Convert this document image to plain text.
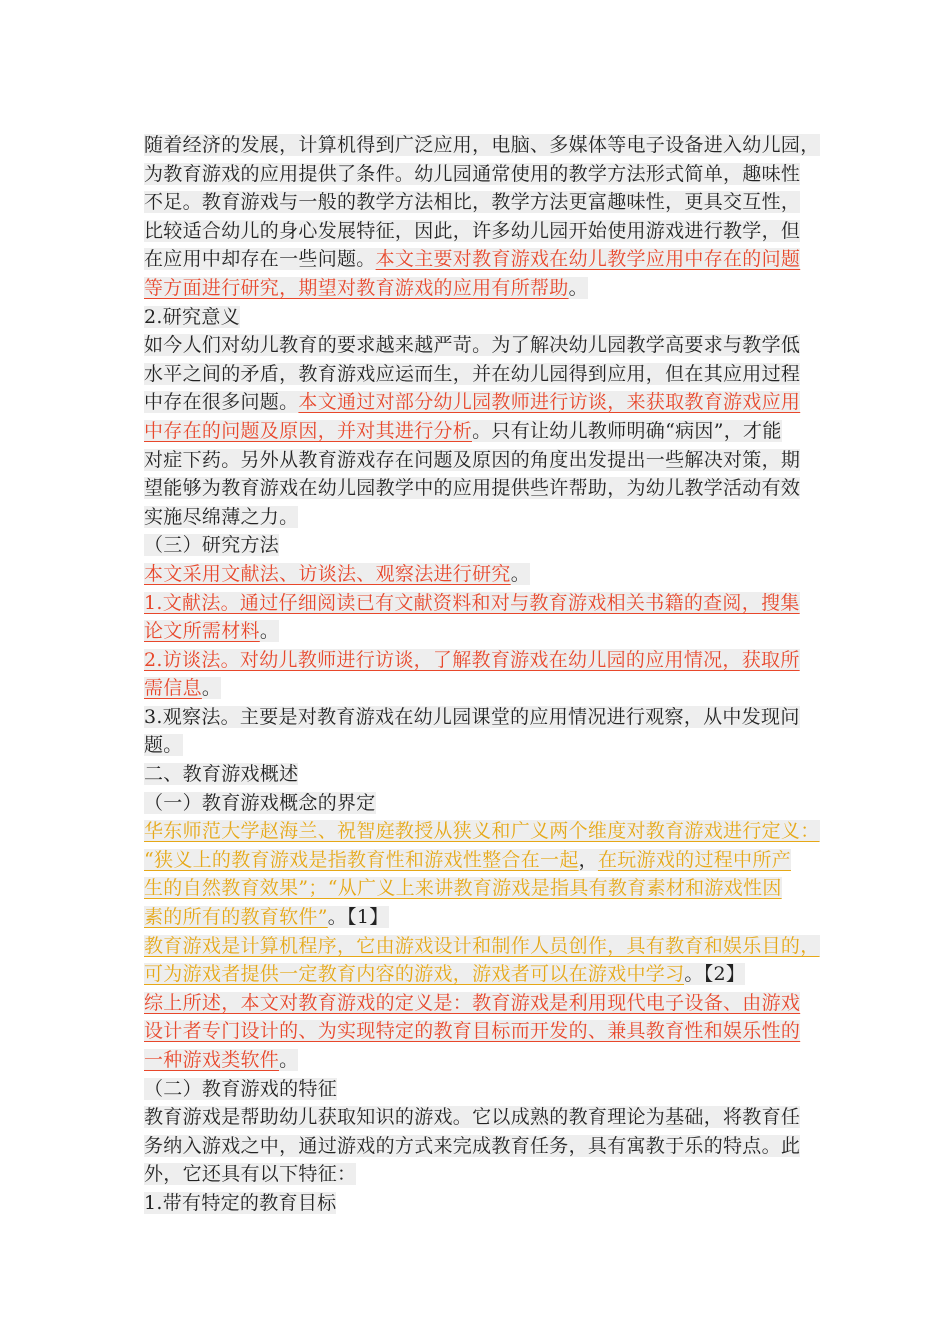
随着经济的发展，计算机得到广泛应用，电脑、多媒体等电子设备进入幼儿园，
为教育游戏的应用提供了条件。幼儿园通常使用的教学方法形式简单，趣味性
不足。教育游戏与一般的教学方法相比，教学方法更富趣味性，更具交互性，
比较适合幼儿的身心发展特征，因此，许多幼儿园开始使用游戏进行教学，但
在应用中却存在一些问题。本文主要对教育游戏在幼儿教学应用中存在的问题
等方面进行研究，期望对教育游戏的应用有所帮助。
2.研究意义
如今人们对幼儿教育的要求越来越严苛。为了解决幼儿园教学高要求与教学低
水平之间的矛盾，教育游戏应运而生，并在幼儿园得到应用，但在其应用过程
中存在很多问题。本文通过对部分幼儿园教师进行访谈，来获取教育游戏应用
中存在的问题及原因，并对其进行分析。只有让幼儿教师明确“病因”，才能
对症下药。另外从教育游戏存在问题及原因的角度出发提出一些解决对策，期
望能够为教育游戏在幼儿园教学中的应用提供些许帮助，为幼儿教学活动有效
实施尽绵薄之力。
（三）研究方法
本文采用文献法、访谈法、观察法进行研究。
1.文献法。通过仔细阅读已有文献资料和对与教育游戏相关书籍的查阅，搜集
论文所需材料。
2.访谈法。对幼儿教师进行访谈，了解教育游戏在幼儿园的应用情况，获取所
需信息。
3.观察法。主要是对教育游戏在幼儿园课堂的应用情况进行观察，从中发现问
题。
二、教育游戏概述
（一）教育游戏概念的界定
华东师范大学赵海兰、祝智庭教授从狭义和广义两个维度对教育游戏进行定义：
“狭义上的教育游戏是指教育性和游戏性整合在一起，在玩游戏的过程中所产
生的自然教育效果”；“从广义上来讲教育游戏是指具有教育素材和游戏性因
素的所有的教育软件”。【1】
教育游戏是计算机程序，它由游戏设计和制作人员创作，具有教育和娱乐目的，
可为游戏者提供一定教育内容的游戏，游戏者可以在游戏中学习。【2】
综上所述，本文对教育游戏的定义是：教育游戏是利用现代电子设备、由游戏
设计者专门设计的、为实现特定的教育目标而开发的、兼具教育性和娱乐性的
一种游戏类软件。
（二）教育游戏的特征
教育游戏是帮助幼儿获取知识的游戏。它以成熟的教育理论为基础，将教育任
务纳入游戏之中，通过游戏的方式来完成教育任务，具有寓教于乐的特点。此
外，它还具有以下特征：
1.带有特定的教育目标
